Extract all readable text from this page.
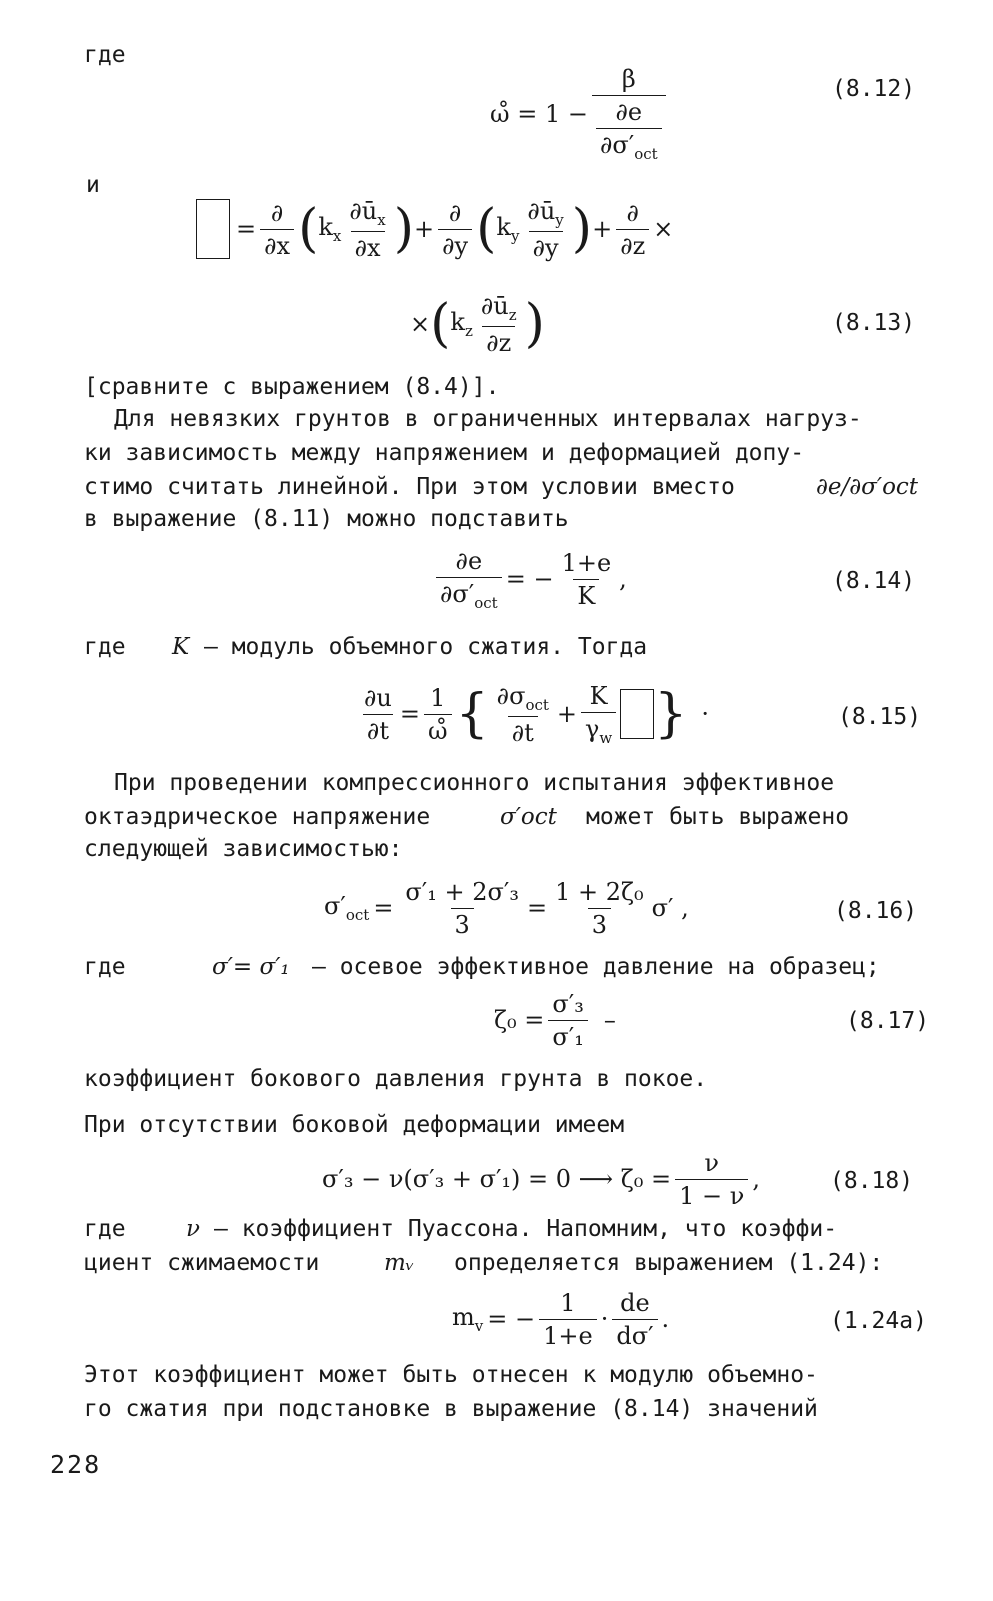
где
ω̊ = $1 - \frac{\beta}{\frac{\partial e}{\partial\sigma'_{oct}}}$	(8.12)
и
= $\frac{\partial}{\partial x}$ ( $k_x \frac{\partial ū_x}{\partial x}$ ) + $\frac{\partial}{\partial y}$ ( $k_y \frac{\partial ū_y}{\partial y}$ ) + $\frac{\partial}{\partial z}$ ×
× ( $k_z \frac{\partial ū_z}{\partial z}$ )	(8.13)
[сравните с выражением (8.4)].
Для невязких грунтов в ограниченных интервалах нагруз-
ки зависимость между напряжением и деформацией допу-
стимо считать линейной. При этом условии вместо	∂e/∂σ′oct
в выражение (8.11) можно подставить
$\frac{\partial e}{\partial\sigma'_{oct}}$ = − $\frac{1+e}{K}$ ,	(8.14)
где K – модуль объемного сжатия. Тогда
$\frac{\partial u}{\partial t} = \frac{1}{\omegå}$ { $\frac{\partial\sigma_{oct}}{\partial t} + \frac{K}{\gamma_w}$ } ·	(8.15)
При проведении компрессионного испытания эффективное
октаэдрическое напряжение	σ′oct может быть выражено
следующей зависимостью:
$\sigma'_{oct} = \frac{\text{σ′₁ + 2σ′₃}}{3} = \frac{\text{1 + 2ζ₀}}{3} \sigma'$ ,	(8.16)
где	σ′= σ′₁ – осевое эффективное давление на образец;
$\zeta_0 = \frac{\text{σ′₃}}{\text{σ′₁}}$ –	(8.17)
коэффициент бокового давления грунта в покое.
При отсутствии боковой деформации имеем
σ′₃ − ν(σ′₃ + σ′₁) = 0 ⟶ $\zeta_0 = \frac{\nu}{1 - \nu}$ ,	(8.18)
где	ν – коэффициент Пуассона. Напомним, что коэффи-
циент сжимаемости	mᵥ определяется выражением (1.24):
$m_v$ = − $\frac{1}{1+e} \cdot \frac{de}{d\sigma'}$ .	(1.24a)
Этот коэффициент может быть отнесен к модулю объемно-
го сжатия при подстановке в выражение (8.14) значений
228
